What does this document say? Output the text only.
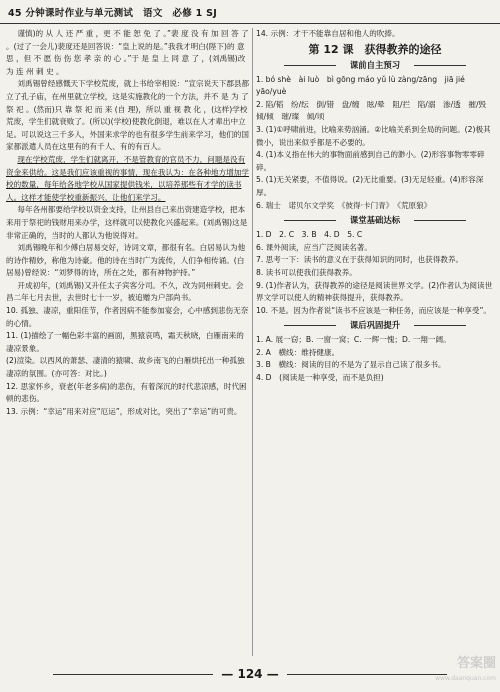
45 分钟课时作业与单元测试　语文　必修 1 SJ

谨慎)的 从 人 还 严 重 ，更 不 能 恕 免 了 。”裴 度 没 有 加 回 答 了 。(过了一会儿)裴度还是回答说：“皇上说的是。”我我才明白(陛下)的 意 思 ，但 不 愿 伤 伤 您 孝 亲 的 心 。”于 是 皇 上 同 意 了 ，(刘禹锡)改 为 连 州 刺 史 。

刘禹锡曾经感慨天下学校荒废，就上书给宰相说：“宣宗说天下郡县都立了孔子庙，在州里就立学校，这是实施教化的一个方法，并不 是 为 了 祭 祀 。(然而)只 靠 祭 祀 而 来 (自 理)，所以 重 视 教 化 ，(这样)学校荒废，学生们就衰败了。(所以)(学校)使教化倒退，难以在人才辈出中立足。可以说这三千多人，外国来求学的也有很多学生前来学习，他们的国家都派遣人员在这里有的有千人、有的有百人。

现在学校荒废，学生们就离开，不是管教育的官员不力，问题是没有资金来供给。这是我们应该重视的事情，现在我认为：在各种地方增加学校的数量，每年给各地学校从国家提供钱米，以培养那些有才学的读书人。这样才能使学校重新振兴，让他们来学习。

每年各州都要给学校以资金支持，让州县自己来出资建造学校，把本来用于祭祀的钱财用来办学，这样就可以使教化兴盛起来。(刘禹锡)这是非常正确的，当时的人都认为他说得对。

刘禹锡晚年和少傅白居易交好，诗词文章，都很有名。白居易认为他的诗作精妙，称他为诗豪。他的诗在当时广为流传，人们争相传诵。(白居易)曾经说：“刘梦得的诗，所在之处，都有神物护持。”

开成初年，(刘禹锡)又升任太子宾客分司。不久，改为同州刺史。会昌二年七月去世，去世时七十一岁，被追赠为户部尚书。

10. 孤独、凄凉，重阳佳节，作者因病不能参加宴会，心中感到悲伤无奈的心情。

11. (1)描绘了一幅色彩丰富的画面，黑猿哀鸣，霜天秋晓，白雁南来的凄凉景象。

(2)渲染。以西风的萧瑟、凄清的猿啸、故乡南飞的白雁烘托出一种孤独凄凉的氛围。(亦可答：对比。)

12. 思家怀乡，衰老(年老多病)的悲伤，有着深沉的时代悲凉感，时代困顿的悲伤。

13. 示例：“幸运”用来对应“厄运”，形成对比，突出了“幸运”的可贵。

14. 示例：才干不能靠自居和他人的吹捧。

第 12 课　获得教养的途径
课前自主预习

1. bó shè　ài luò　bì gōng máo yǔ lù zàng/zāng　jiā jié yāo/yuè

2. 陷/韬　纷/纭　倒/错　盘/缠　眩/晕　阻/拦　陷/溺　渗/透　摧/毁　倾/倾　璀/璨　倾/顷

3. (1)①呼啸前进，比喻来势汹涌。②比喻关系到全局的问题。(2)极其微小，说出来似乎都是不必要的。

4. (1)本义指在伟大的事物面前感到自己的渺小。(2)形容事物零零碎碎。

5. (1)无关紧要，不值得说。(2)无比重要。(3)无足轻重。(4)形容深厚。

6. 瑞士　诺贝尔文学奖　《彼得·卡门青》　《荒原狼》

课堂基础达标

1. D　2. C　3. B　4. D　5. C

6. 课外阅读，应当广泛阅读名著。

7. 思考一下：读书的意义在于获得知识的同时，也获得教养。

8. 读书可以使我们获得教养。

9. (1)作者认为，获得教养的途径是阅读世界文学。(2)作者认为阅读世界文学可以使人的精神获得提升，获得教养。

10. 不是。因为作者说“读书不应该是一种任务，而应该是一种享受”。

课后巩固提升

1. A. 展一窃；B. 一窗一窝；C. 一辉一愧；D. 一翔一阔。

2. A　横线：维持健康。

3. B　横线：阅读的目的不是为了显示自己读了很多书。

4. D　(阅读是一种享受，而不是负担)

— 124 —
答案圈
www.daanquan.com
